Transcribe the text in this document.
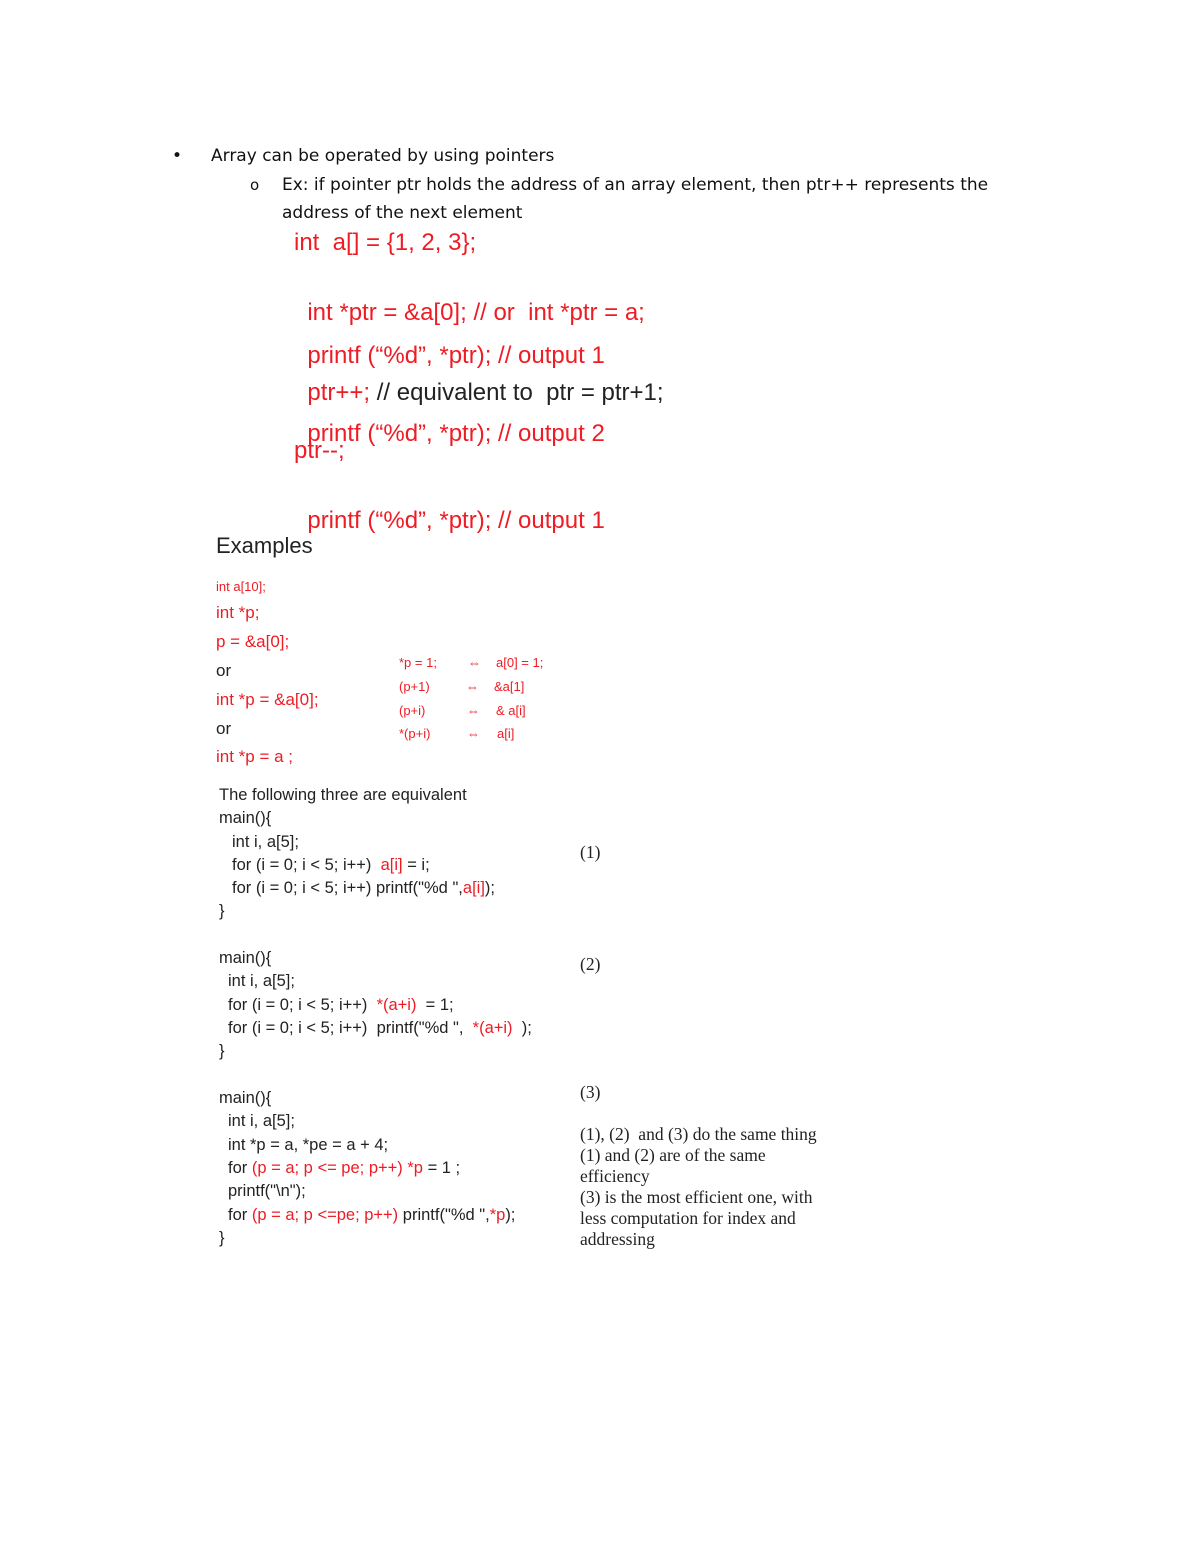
• Array can be operated by using pointers
o Ex: if pointer ptr holds the address of an array element, then ptr++ represents the
address of the next element
int  a[] = {1, 2, 3};

int *ptr = &a[0]; // or  int *ptr = a;

printf (“%d”, *ptr); // output 1

ptr++; // equivalent to  ptr = ptr+1;

printf (“%d”, *ptr); // output 2

ptr--;

printf (“%d”, *ptr); // output 1

Examples
int a[10];
int *p;
p = &a[0];
or
int *p = &a[0];
or
int *p = a ;
*p = 1; ⇔ a[0] = 1;
(p+1)	⇔ &a[1]
(p+i)	⇔ & a[i]
*(p+i)	⇔ a[i]
The following three are equivalent
main(){
int i, a[5];
for (i = 0; i < 5; i++) a[i] = i;
for (i = 0; i < 5; i++) printf("%d ",a[i]);
}
(1)
main(){
int i, a[5];
for (i = 0; i < 5; i++) *(a+i) = 1;
for (i = 0; i < 5; i++)  printf("%d ", *(a+i) );
}
(2)
main(){
int i, a[5];
int *p = a, *pe = a + 4;
for (p = a; p <= pe; p++) *p = 1 ;
printf("\n");
for (p = a; p <=pe; p++) printf("%d ",*p);
}
(3)
(1), (2)  and (3) do the same thing
(1) and (2) are of the same
efficiency
(3) is the most efficient one, with
less computation for index and
addressing
